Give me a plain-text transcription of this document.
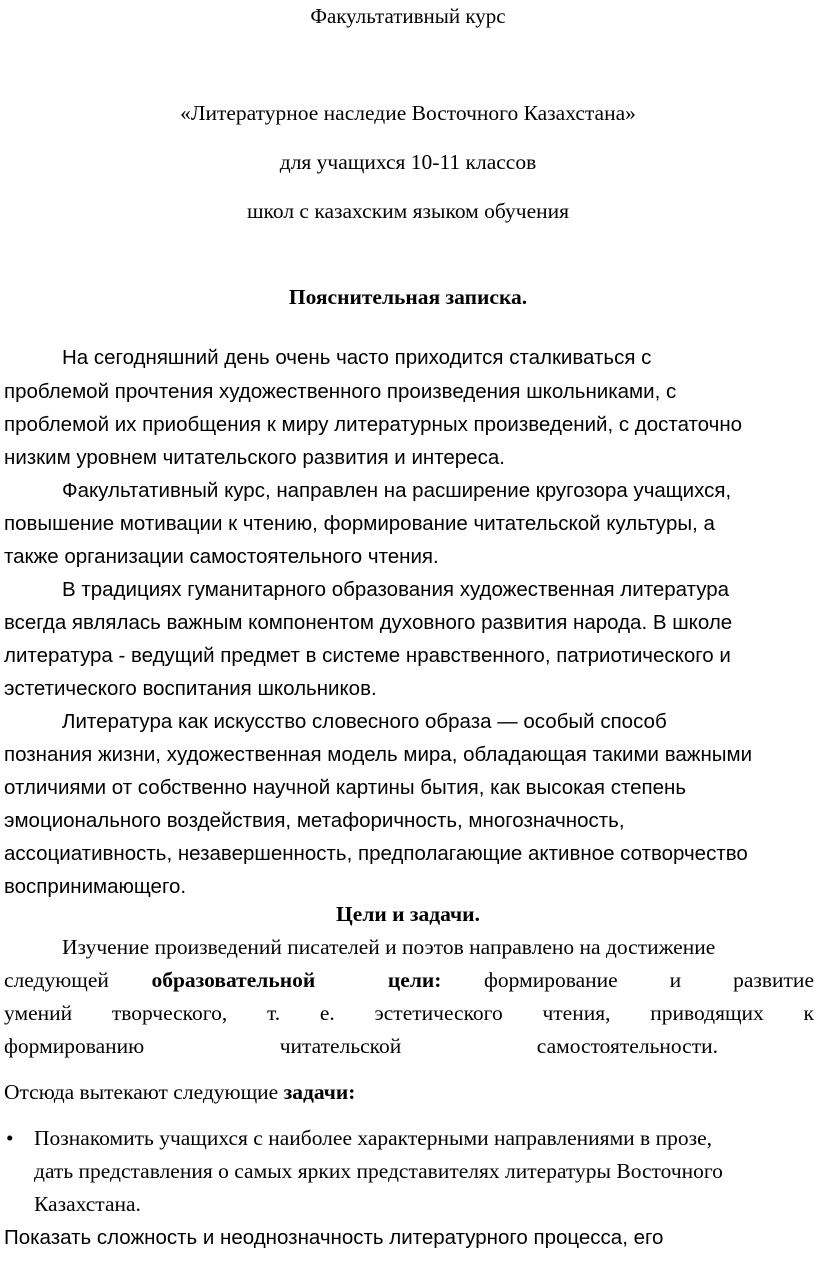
Факультативный курс
«Литературное наследие Восточного Казахстана»
для учащихся 10-11 классов
школ с казахским языком обучения
Пояснительная записка.
На сегодняшний день очень часто приходится сталкиваться с
проблемой прочтения художественного произведения школьниками, с
проблемой их приобщения к миру литературных произведений, с достаточно
низким уровнем читательского развития и интереса.
Факультативный курс, направлен на расширение кругозора учащихся,
повышение мотивации к чтению, формирование читательской культуры, а
также организации самостоятельного чтения.
В традициях гуманитарного образования художественная литература
всегда являлась важным компонентом духовного развития народа. В школе
литература - ведущий предмет в системе нравственного, патриотического и
эстетического воспитания школьников.
Литература как искусство словесного образа — особый способ
познания жизни, художественная модель мира, обладающая такими важными
отличиями от собственно научной картины бытия, как высокая степень
эмоционального воздействия, метафоричность, многозначность,
ассоциативность, незавершенность, предполагающие активное сотворчество
воспринимающего.
Цели и задачи.
Изучение произведений писателей и поэтов направлено на достижение
следующей образовательной цели: формирование и развитие
умений творческого, т. е. эстетического чтения, приводящих к
формированию читательской самостоятельности.
Отсюда вытекают следующие задачи:
• Познакомить учащихся с наиболее характерными направлениями в прозе,
дать представления о самых ярких представителях литературы Восточного
Казахстана.
Показать сложность и неоднозначность литературного процесса, его
